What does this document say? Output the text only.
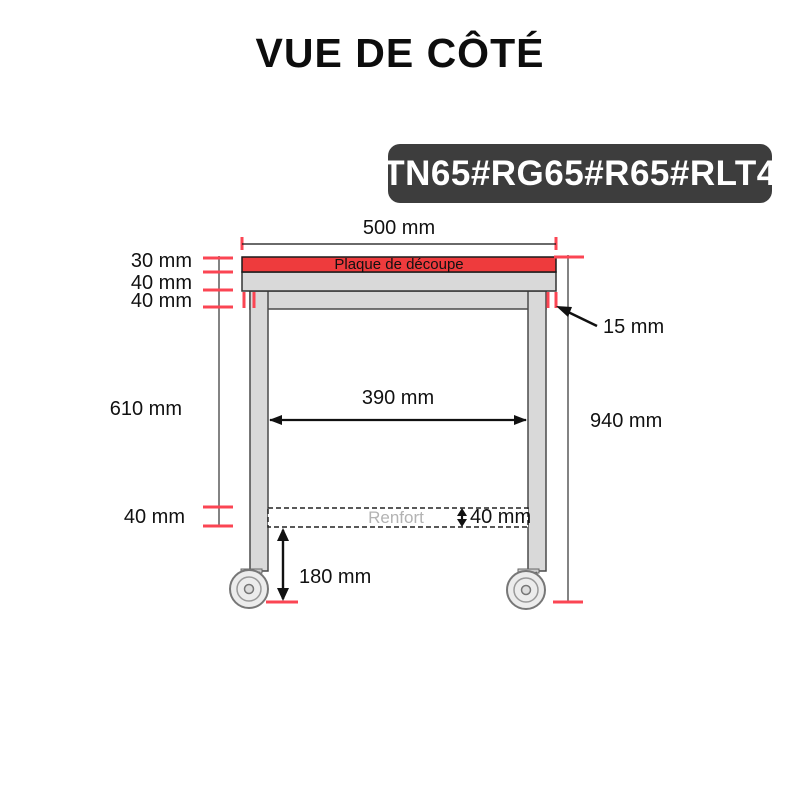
VUE DE CÔTÉ
TN65#RG65#R65#RLT4
Plaque de découpe
Renfort
500 mm
390 mm
40 mm
180 mm
15 mm
30 mm
40 mm
40 mm
610 mm
40 mm
940 mm
